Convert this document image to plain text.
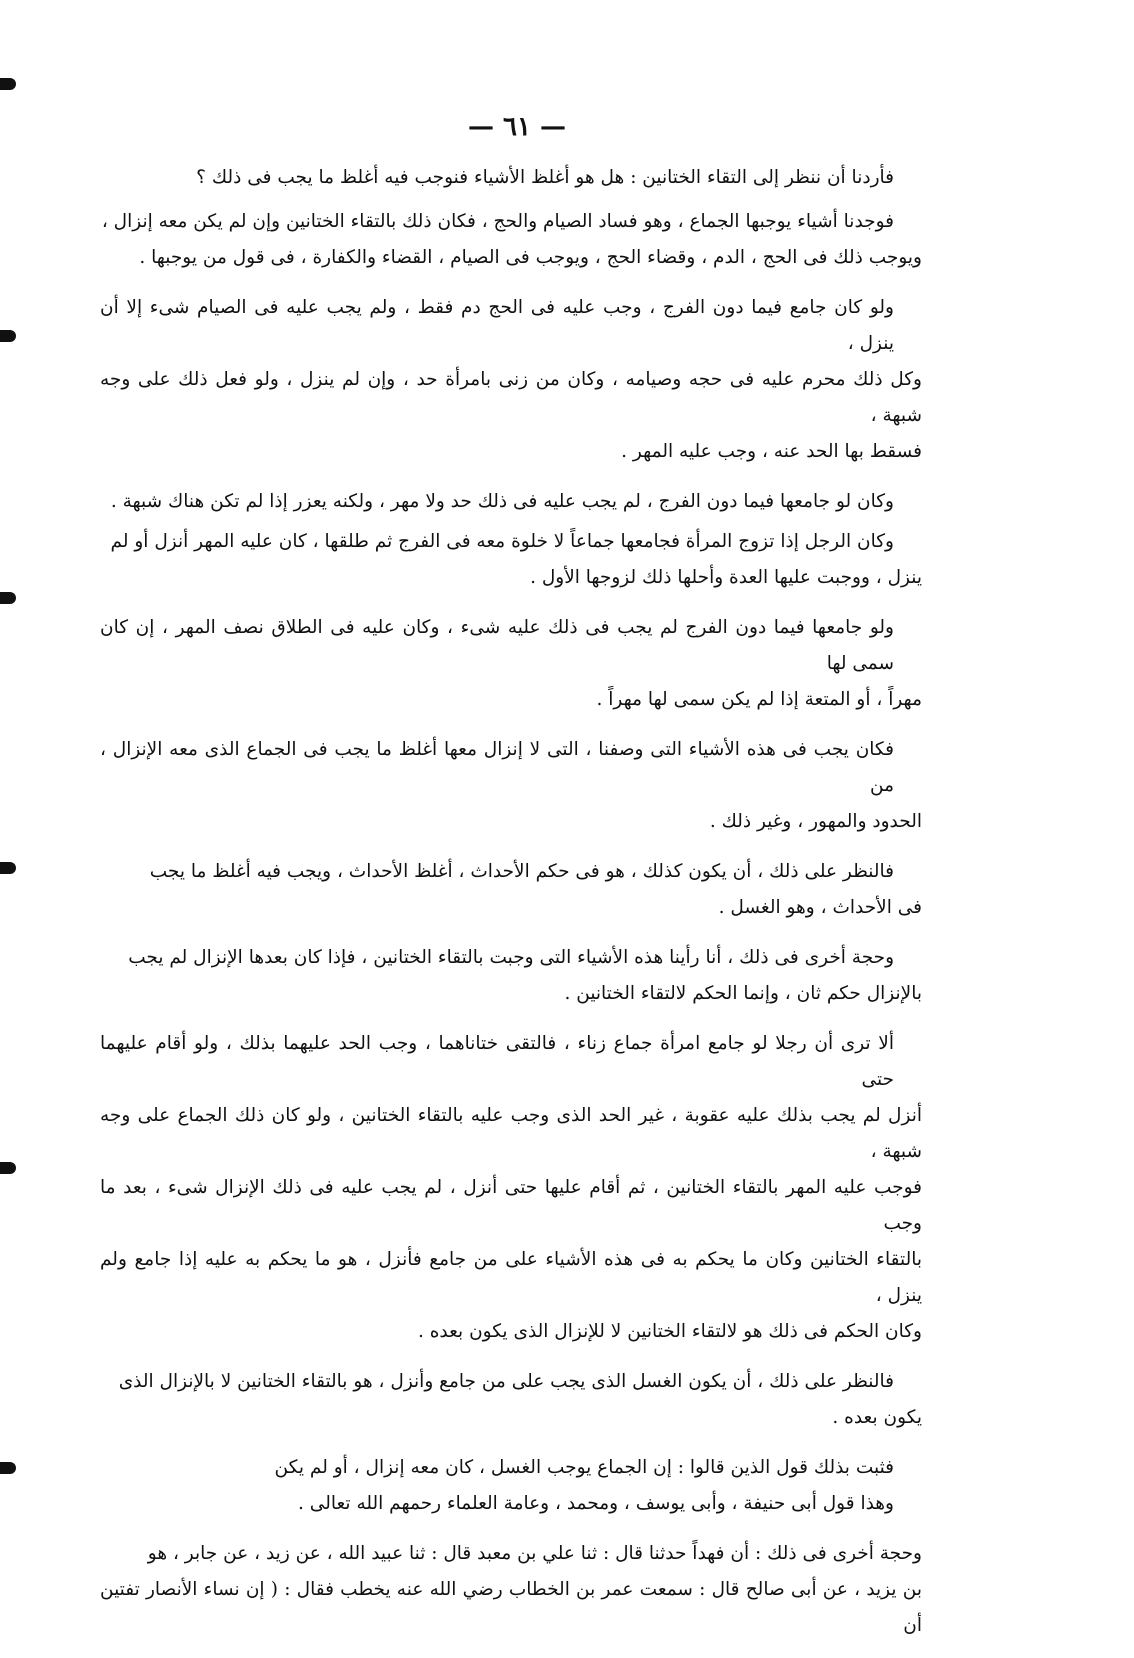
— ٦١ —

فأردنا أن ننظر إلى التقاء الختانين : هل هو أغلظ الأشياء فنوجب فيه أغلظ ما يجب فى ذلك ؟

فوجدنا أشياء يوجبها الجماع ، وهو فساد الصيام والحج ، فكان ذلك بالتقاء الختانين وإن لم يكن معه إنزال ،
ويوجب ذلك فى الحج ، الدم ، وقضاء الحج ، ويوجب فى الصيام ، القضاء والكفارة ، فى قول من يوجبها .

ولو كان جامع فيما دون الفرج ، وجب عليه فى الحج دم فقط ، ولم يجب عليه فى الصيام شىء إلا أن ينزل ،
وكل ذلك محرم عليه فى حجه وصيامه ، وكان من زنى بامرأة حد ، وإن لم ينزل ، ولو فعل ذلك على وجه شبهة ،
فسقط بها الحد عنه ، وجب عليه المهر .

وكان لو جامعها فيما دون الفرج ، لم يجب عليه فى ذلك حد ولا مهر ، ولكنه يعزر إذا لم تكن هناك شبهة .

وكان الرجل إذا تزوج المرأة فجامعها جماعاً لا خلوة معه فى الفرج ثم طلقها ، كان عليه المهر أنزل أو لم
ينزل ، ووجبت عليها العدة وأحلها ذلك لزوجها الأول .

ولو جامعها فيما دون الفرج لم يجب فى ذلك عليه شىء ، وكان عليه فى الطلاق نصف المهر ، إن كان سمى لها
مهراً ، أو المتعة إذا لم يكن سمى لها مهراً .

فكان يجب فى هذه الأشياء التى وصفنا ، التى لا إنزال معها أغلظ ما يجب فى الجماع الذى معه الإنزال ، من
الحدود والمهور ، وغير ذلك .

فالنظر على ذلك ، أن يكون كذلك ، هو فى حكم الأحداث ، أغلظ الأحداث ، ويجب فيه أغلظ ما يجب
فى الأحداث ، وهو الغسل .

وحجة أخرى فى ذلك ، أنا رأينا هذه الأشياء التى وجبت بالتقاء الختانين ، فإذا كان بعدها الإنزال لم يجب
بالإنزال حكم ثان ، وإنما الحكم لالتقاء الختانين .

ألا ترى أن رجلا لو جامع امرأة جماع زناء ، فالتقى ختاناهما ، وجب الحد عليهما بذلك ، ولو أقام عليهما حتى
أنزل لم يجب بذلك عليه عقوبة ، غير الحد الذى وجب عليه بالتقاء الختانين ، ولو كان ذلك الجماع على وجه شبهة ،
فوجب عليه المهر بالتقاء الختانين ، ثم أقام عليها حتى أنزل ، لم يجب عليه فى ذلك الإنزال شىء ، بعد ما وجب
بالتقاء الختانين وكان ما يحكم به فى هذه الأشياء على من جامع فأنزل ، هو ما يحكم به عليه إذا جامع ولم ينزل ،
وكان الحكم فى ذلك هو لالتقاء الختانين لا للإنزال الذى يكون بعده .

فالنظر على ذلك ، أن يكون الغسل الذى يجب على من جامع وأنزل ، هو بالتقاء الختانين لا بالإنزال الذى
يكون بعده .

فثبت بذلك قول الذين قالوا : إن الجماع يوجب الغسل ، كان معه إنزال ، أو لم يكن
وهذا قول أبى حنيفة ، وأبى يوسف ، ومحمد ، وعامة العلماء رحمهم الله تعالى .

وحجة أخرى فى ذلك : أن فهداً حدثنا قال : ثنا علي بن معبد قال : ثنا عبيد الله ، عن زيد ، عن جابر ، هو
بن يزيد ، عن أبى صالح قال : سمعت عمر بن الخطاب رضي الله عنه يخطب فقال : ( إن نساء الأنصار تفتين أن
